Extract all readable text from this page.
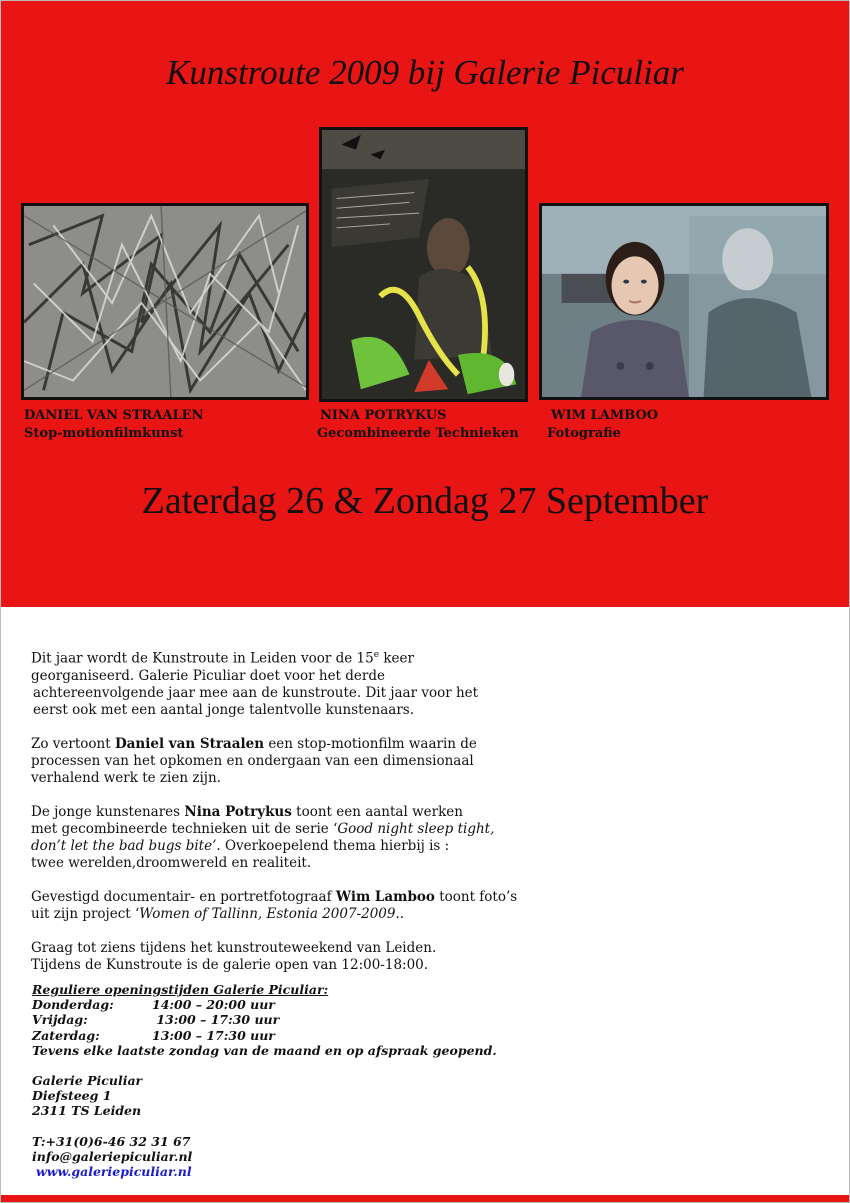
Kunstroute 2009 bij Galerie Piculiar
DANIEL VAN STRAALEN
Stop-motionfilmkunst
NINA POTRYKUS
Gecombineerde Technieken
WIM LAMBOO
Fotografie
Zaterdag 26 & Zondag 27 September

Dit jaar wordt de Kunstroute in Leiden voor de 15e keer
georganiseerd. Galerie Piculiar doet voor het derde
achtereenvolgende jaar mee aan de kunstroute. Dit jaar voor het
eerst ook met een aantal jonge talentvolle kunstenaars.

Zo vertoont Daniel van Straalen een stop-motionfilm waarin de
processen van het opkomen en ondergaan van een dimensionaal
verhalend werk te zien zijn.

De jonge kunstenares Nina Potrykus toont een aantal werken
met gecombineerde technieken uit de serie ‘Good night sleep tight,
don’t let the bad bugs bite’. Overkoepelend thema hierbij is :
twee werelden,droomwereld en realiteit.

Gevestigd documentair- en portretfotograaf Wim Lamboo toont foto’s
uit zijn project ‘Women of Tallinn, Estonia 2007-2009..

Graag tot ziens tijdens het kunstrouteweekend van Leiden.
Tijdens de Kunstroute is de galerie open van 12:00-18:00.

Reguliere openingstijden Galerie Piculiar:
Donderdag:	14:00 – 20:00 uur
Vrijdag:	13:00 – 17:30 uur
Zaterdag:	13:00 – 17:30 uur
Tevens elke laatste zondag van de maand en op afspraak geopend.
Galerie Piculiar
Diefsteeg 1
2311 TS Leiden
T:+31(0)6-46 32 31 67
info@galeriepiculiar.nl
www.galeriepiculiar.nl
